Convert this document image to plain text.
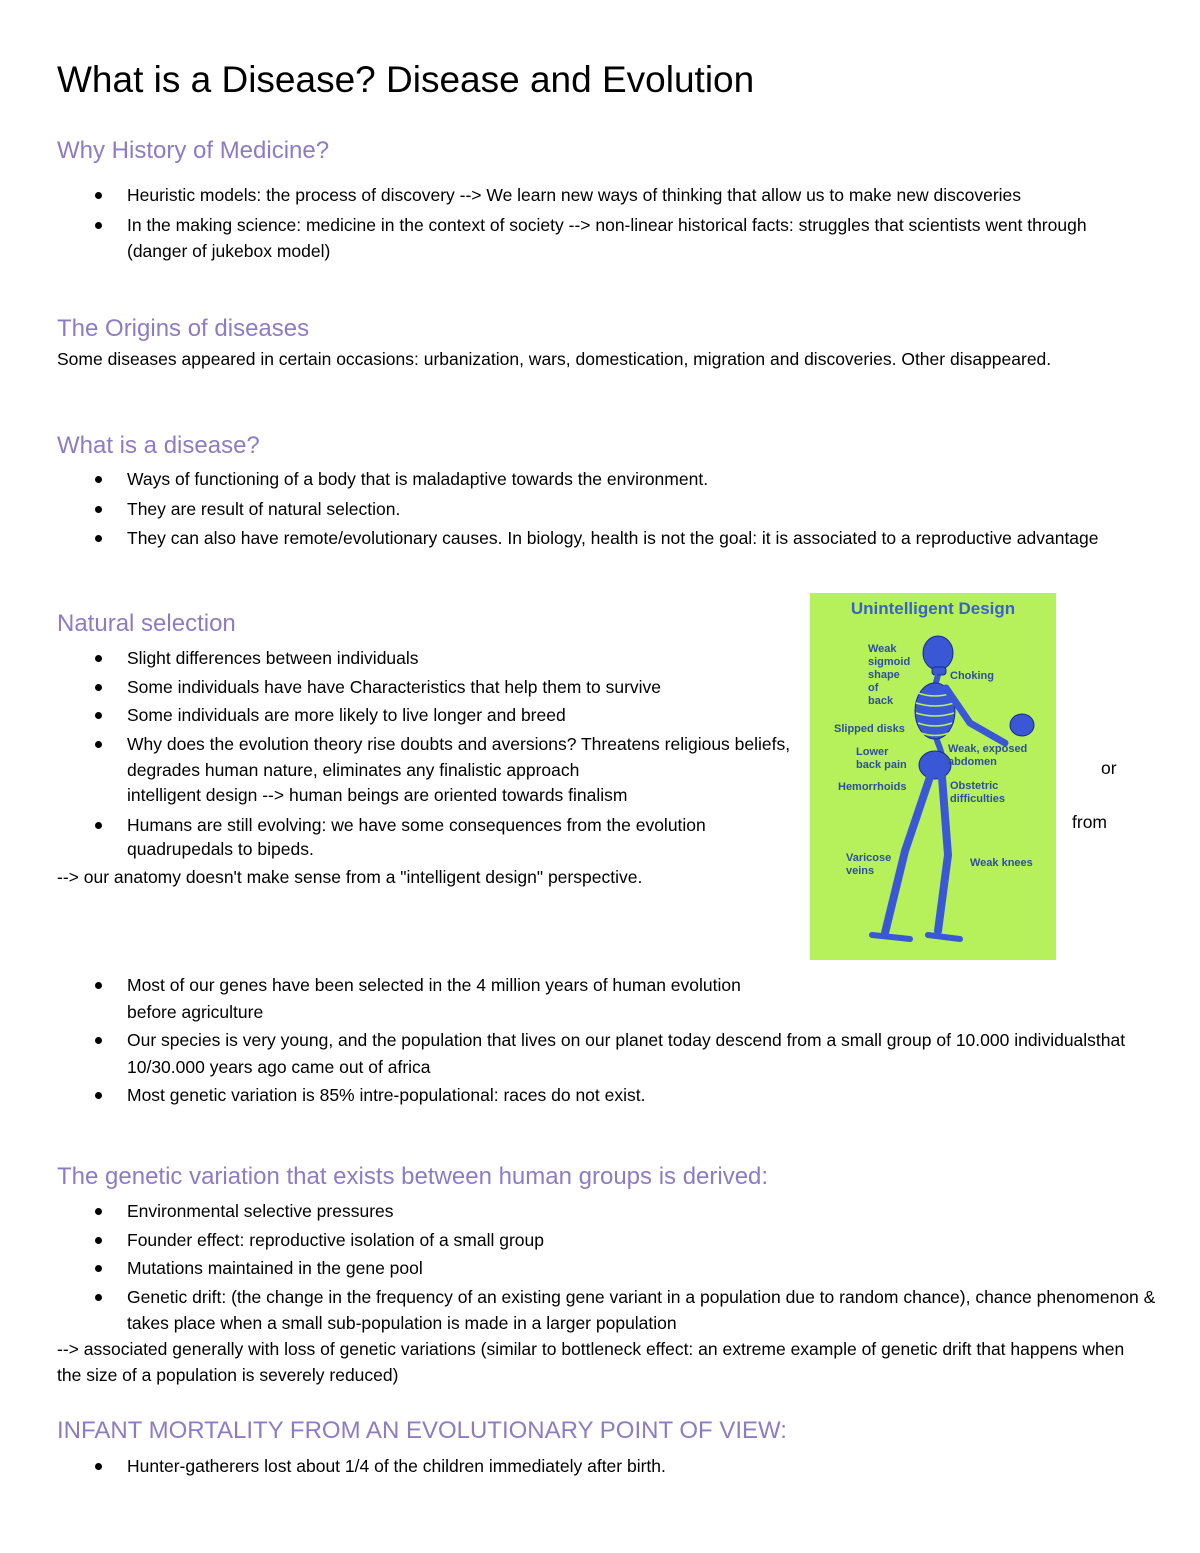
What is a Disease? Disease and Evolution
Why History of Medicine?
Heuristic models: the process of discovery --> We learn new ways of thinking that allow us to make new discoveries
In the making science: medicine in the context of society --> non-linear historical facts: struggles that scientists went through (danger of jukebox model)
The Origins of diseases

Some diseases appeared in certain occasions: urbanization, wars, domestication, migration and discoveries. Other disappeared.

What is a disease?
Ways of functioning of a body that is maladaptive towards the environment.
They are result of natural selection.
They can also have remote/evolutionary causes. In biology, health is not the goal: it is associated to a reproductive advantage
Natural selection
Slight differences between individuals
Some individuals have have Characteristics that help them to survive
Some individuals are more likely to live longer and breed
Why does the evolution theory rise doubts and aversions? Threatens religious beliefs, degrades human nature, eliminates any finalistic approach
Humans are still evolving: we have some consequences from the evolution
or
from

--> our anatomy doesn't make sense from a "intelligent design" perspective.

Unintelligent Design
Weak
sigmoid
shape
of
back
Choking
Slipped disks
Lower
back pain
Weak, exposed
abdomen
Hemorrhoids	Obstetric
difficulties
Varicose
veins
Weak knees
Most of our genes have been selected in the 4 million years of human evolution before agriculture
Our species is very young, and the population that lives on our planet today descend from a small group of 10.000 individualsthat 10/30.000 years ago came out of africa
Most genetic variation is 85% intre-populational: races do not exist.
The genetic variation that exists between human groups is derived:
Environmental selective pressures
Founder effect: reproductive isolation of a small group
Mutations maintained in the gene pool
Genetic drift: (the change in the frequency of an existing gene variant in a population due to random chance), chance phenomenon & takes place when a small sub-population is made in a larger population

--> associated generally with loss of genetic variations (similar to bottleneck effect: an extreme example of genetic drift that happens when the size of a population is severely reduced)

INFANT MORTALITY FROM AN EVOLUTIONARY POINT OF VIEW:
Hunter-gatherers lost about 1/4 of the children immediately after birth.
intelligent design --> human beings are oriented towards finalism
quadrupedals to bipeds.
